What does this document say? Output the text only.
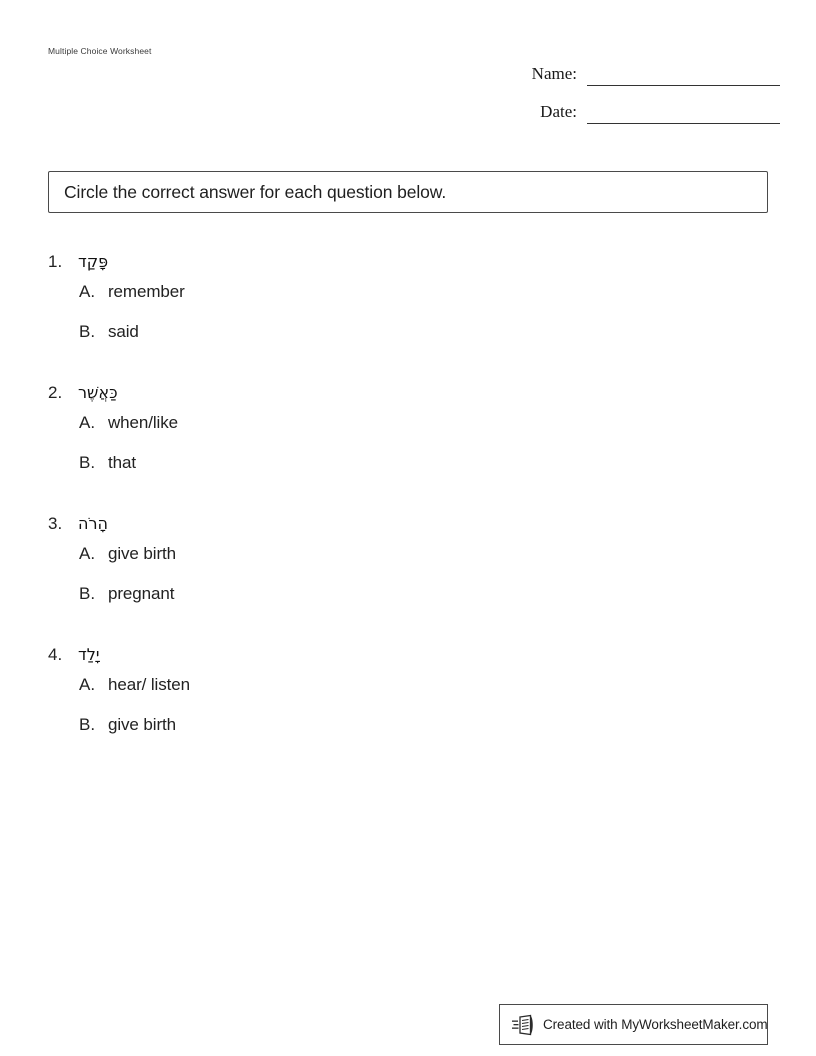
Multiple Choice Worksheet
Name:
Date:
Circle the correct answer for each question below.
1. פָּקַד
A. remember
B. said
2. כַּאֲשֶׁר
A. when/like
B. that
3. הָרֹה
A. give birth
B. pregnant
4. יָלַד
A. hear/ listen
B. give birth
Created with MyWorksheetMaker.com
